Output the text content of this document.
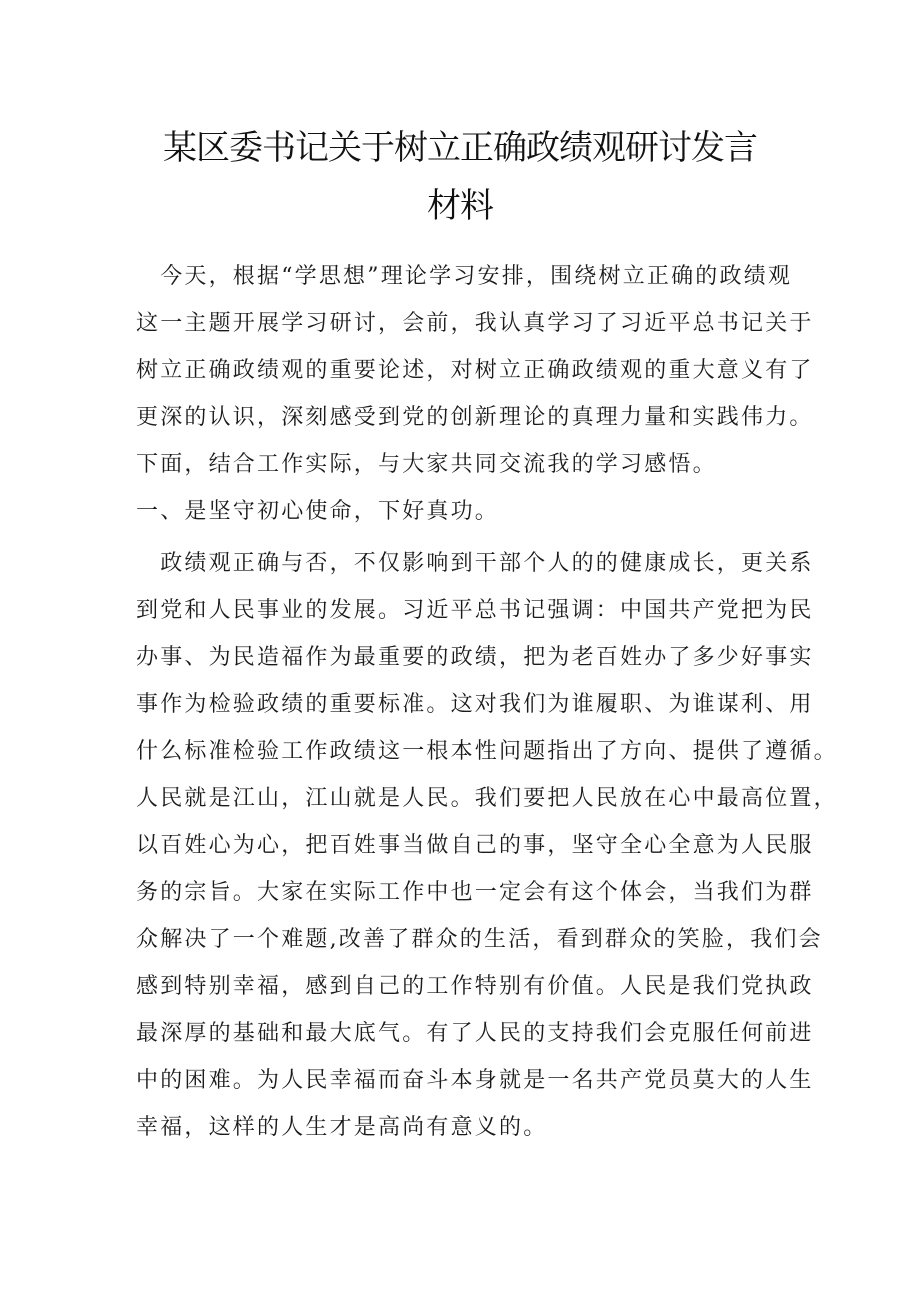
某区委书记关于树立正确政绩观研讨发言
材料

　今天，根据“学思想”理论学习安排，围绕树立正确的政绩观

这一主题开展学习研讨，会前，我认真学习了习近平总书记关于

树立正确政绩观的重要论述，对树立正确政绩观的重大意义有了

更深的认识，深刻感受到党的创新理论的真理力量和实践伟力。

下面，结合工作实际，与大家共同交流我的学习感悟。

一、是坚守初心使命，下好真功。

　政绩观正确与否，不仅影响到干部个人的的健康成长，更关系

到党和人民事业的发展。习近平总书记强调：中国共产党把为民

办事、为民造福作为最重要的政绩，把为老百姓办了多少好事实

事作为检验政绩的重要标准。这对我们为谁履职、为谁谋利、用

什么标准检验工作政绩这一根本性问题指出了方向、提供了遵循。

人民就是江山，江山就是人民。我们要把人民放在心中最高位置，

以百姓心为心，把百姓事当做自己的事，坚守全心全意为人民服

务的宗旨。大家在实际工作中也一定会有这个体会，当我们为群

众解决了一个难题,改善了群众的生活，看到群众的笑脸，我们会

感到特别幸福，感到自己的工作特别有价值。人民是我们党执政

最深厚的基础和最大底气。有了人民的支持我们会克服任何前进

中的困难。为人民幸福而奋斗本身就是一名共产党员莫大的人生

幸福，这样的人生才是高尚有意义的。
